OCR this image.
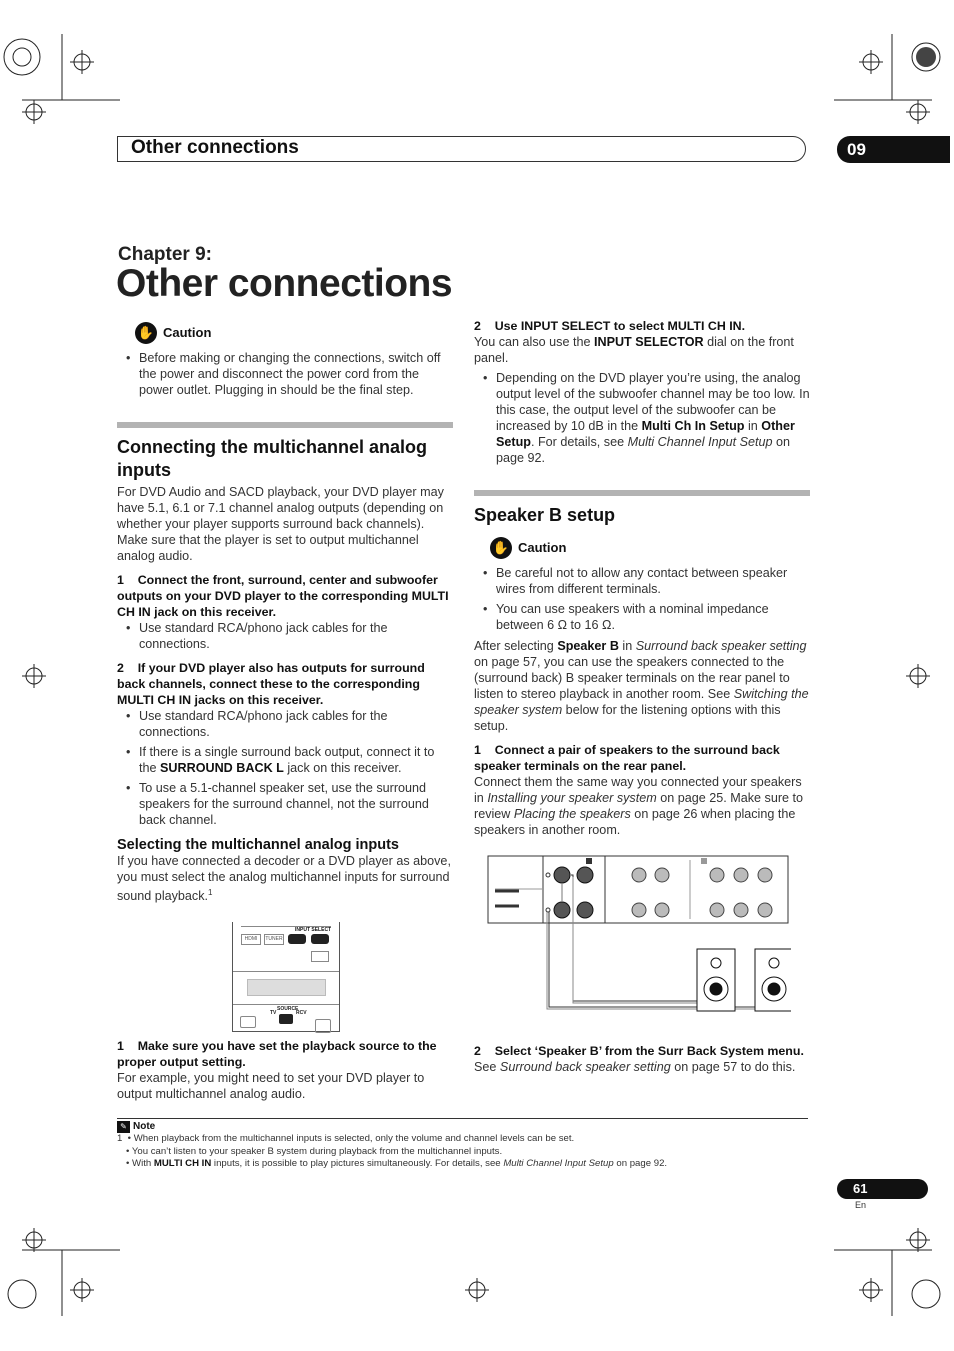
Other connections	09
Chapter 9:
Other connections
✋ Caution

• Before making or changing the connections, switch off the power and disconnect the power cord from the power outlet. Plugging in should be the final step.

Connecting the multichannel analog inputs

For DVD Audio and SACD playback, your DVD player may have 5.1, 6.1 or 7.1 channel analog outputs (depending on whether your player supports surround back channels). Make sure that the player is set to output multichannel analog audio.

1 Connect the front, surround, center and subwoofer outputs on your DVD player to the corresponding MULTI CH IN jack on this receiver.

• Use standard RCA/phono jack cables for the connections.

2 If your DVD player also has outputs for surround back channels, connect these to the corresponding MULTI CH IN jacks on this receiver.

• Use standard RCA/phono jack cables for the connections.

• If there is a single surround back output, connect it to the SURROUND BACK L jack on this receiver.

• To use a 5.1-channel speaker set, use the surround speakers for the surround channel, not the surround back channel.

Selecting the multichannel analog inputs

If you have connected a decoder or a DVD player as above, you must select the analog multichannel inputs for surround sound playback.$^1$

HDMI	TUNER
INPUT SELECT
TV
SOURCE
RCV

1 Make sure you have set the playback source to the proper output setting.

For example, you might need to set your DVD player to output multichannel analog audio.

2 Use INPUT SELECT to select MULTI CH IN.

You can also use the INPUT SELECTOR dial on the front panel.

• Depending on the DVD player you’re using, the analog output level of the subwoofer channel may be too low. In this case, the output level of the subwoofer can be increased by 10 dB in the Multi Ch In Setup in Other Setup. For details, see Multi Channel Input Setup on page 92.

Speaker B setup
✋ Caution

• Be careful not to allow any contact between speaker wires from different terminals.

• You can use speakers with a nominal impedance between 6 Ω to 16 Ω.

After selecting Speaker B in Surround back speaker setting on page 57, you can use the speakers connected to the (surround back) B speaker terminals on the rear panel to listen to stereo playback in another room. See Switching the speaker system below for the listening options with this setup.

1 Connect a pair of speakers to the surround back speaker terminals on the rear panel.

Connect them the same way you connected your speakers in Installing your speaker system on page 25. Make sure to review Placing the speakers on page 26 when placing the speakers in another room.

2 Select ‘Speaker B’ from the Surr Back System menu.

See Surround back speaker setting on page 57 to do this.

✎ Note
1  • When playback from the multichannel inputs is selected, only the volume and channel levels can be set.
• You can’t listen to your speaker B system during playback from the multichannel inputs.
• With MULTI CH IN inputs, it is possible to play pictures simultaneously. For details, see Multi Channel Input Setup on page 92.
61
En
